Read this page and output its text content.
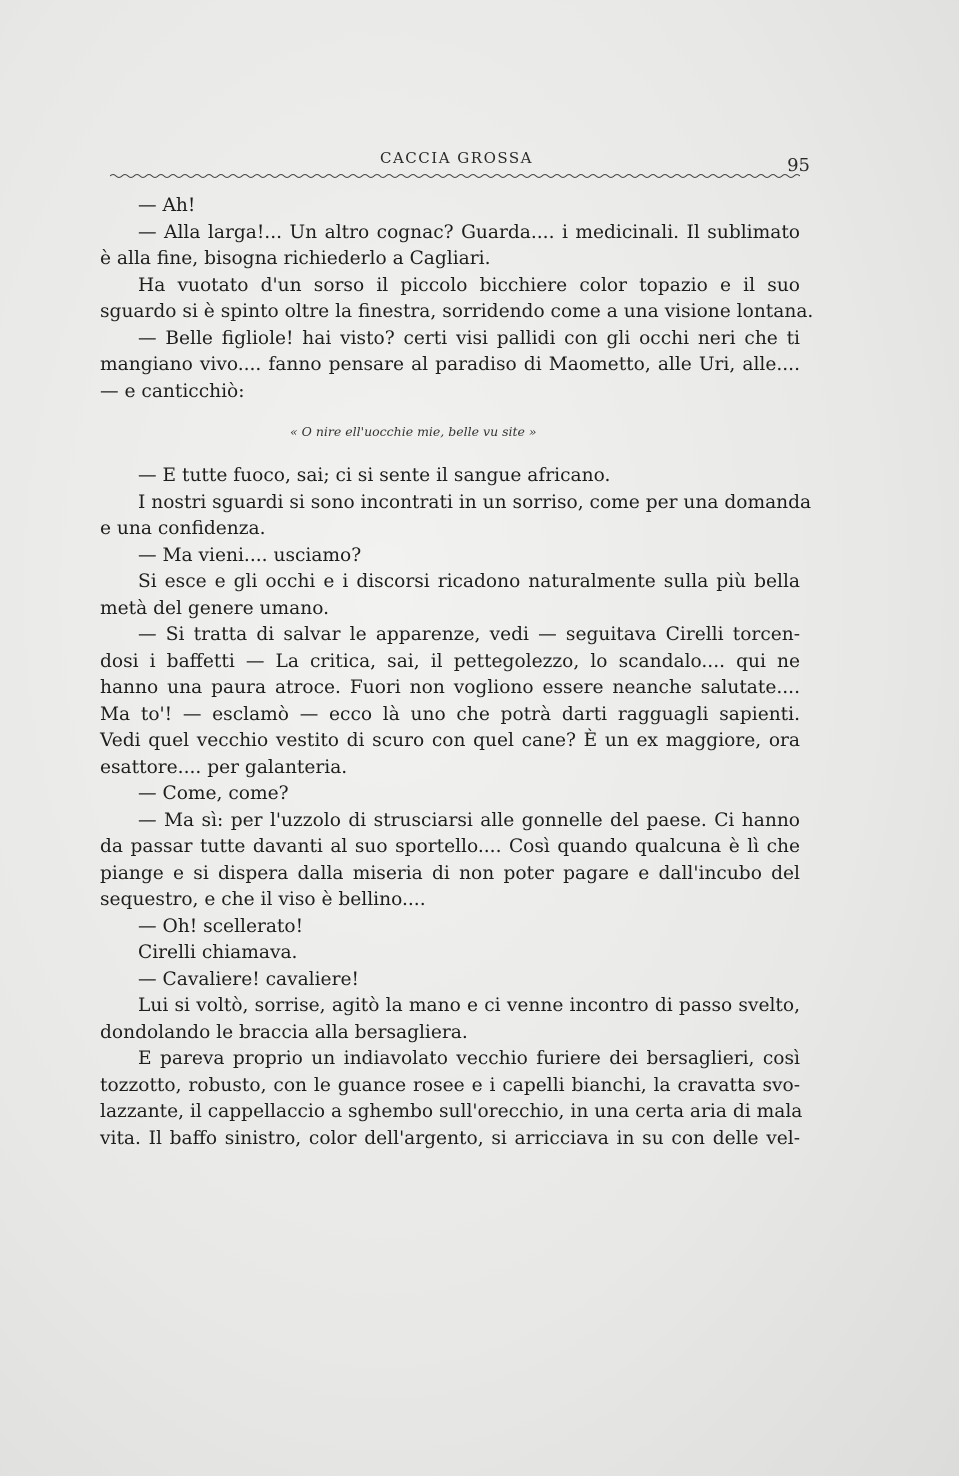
CACCIA GROSSA	95
— Ah!
— Alla larga!... Un altro cognac? Guarda.... i medicinali. Il sublimato
è alla fine, bisogna richiederlo a Cagliari.
Ha vuotato d'un sorso il piccolo bicchiere color topazio e il suo
sguardo si è spinto oltre la finestra, sorridendo come a una visione lontana.
— Belle figliole! hai visto? certi visi pallidi con gli occhi neri che ti
mangiano vivo.... fanno pensare al paradiso di Maometto, alle Uri, alle....
— e canticchiò:
« O nire ell'uocchie mie, belle vu site »
— E tutte fuoco, sai; ci si sente il sangue africano.
I nostri sguardi si sono incontrati in un sorriso, come per una domanda
e una confidenza.
— Ma vieni.... usciamo?
Si esce e gli occhi e i discorsi ricadono naturalmente sulla più bella
metà del genere umano.
— Si tratta di salvar le apparenze, vedi — seguitava Cirelli torcen-
dosi i baffetti — La critica, sai, il pettegolezzo, lo scandalo.... qui ne
hanno una paura atroce. Fuori non vogliono essere neanche salutate....
Ma to'! — esclamò — ecco là uno che potrà darti ragguagli sapienti.
Vedi quel vecchio vestito di scuro con quel cane? È un ex maggiore, ora
esattore.... per galanteria.
— Come, come?
— Ma sì: per l'uzzolo di strusciarsi alle gonnelle del paese. Ci hanno
da passar tutte davanti al suo sportello.... Così quando qualcuna è lì che
piange e si dispera dalla miseria di non poter pagare e dall'incubo del
sequestro, e che il viso è bellino....
— Oh! scellerato!
Cirelli chiamava.
— Cavaliere! cavaliere!
Lui si voltò, sorrise, agitò la mano e ci venne incontro di passo svelto,
dondolando le braccia alla bersagliera.
E pareva proprio un indiavolato vecchio furiere dei bersaglieri, così
tozzotto, robusto, con le guance rosee e i capelli bianchi, la cravatta svo-
lazzante, il cappellaccio a sghembo sull'orecchio, in una certa aria di mala
vita. Il baffo sinistro, color dell'argento, si arricciava in su con delle vel-
